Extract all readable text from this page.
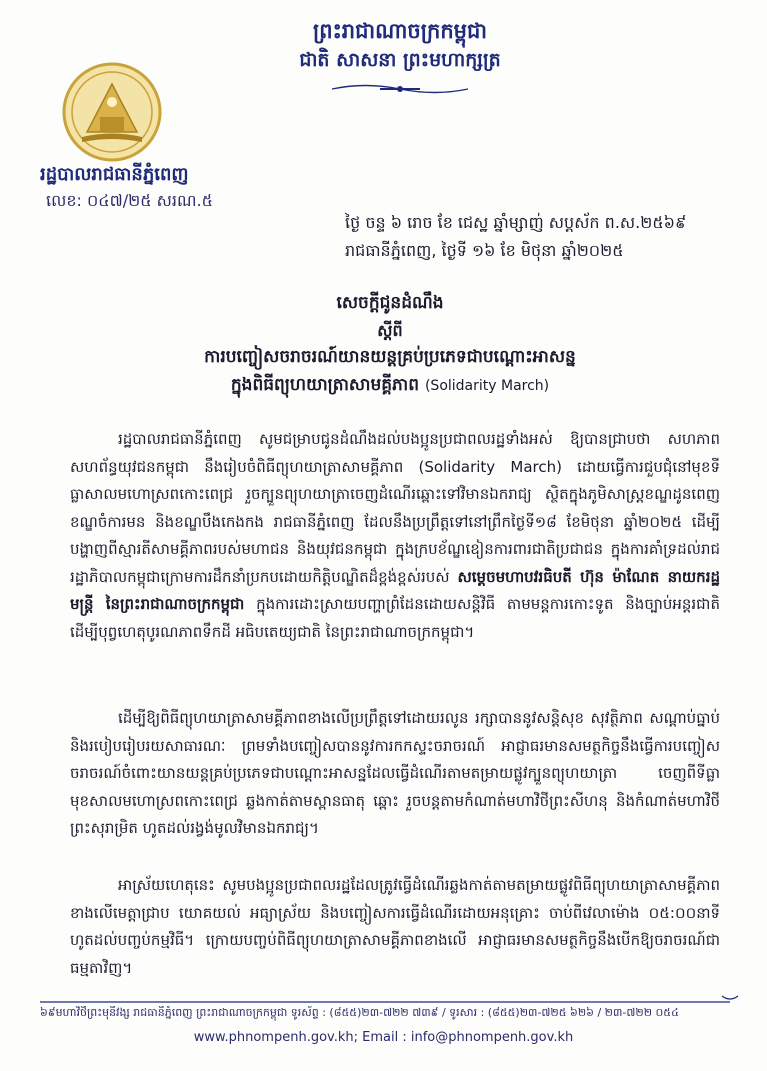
ព្រះរាជាណាចក្រកម្ពុជា
ជាតិ សាសនា ព្រះមហាក្សត្រ
រដ្ឋបាលរាជធានីភ្នំពេញ
លេខ: ០៤៧/២៥ សរណ.៥
ថ្ងៃ ចន្ទ ៦ រោច ខែ ជេស្ឋ ឆ្នាំម្សាញ់ សប្តស័ក ព.ស.២៥៦៩
រាជធានីភ្នំពេញ, ថ្ងៃទី ១៦ ខែ មិថុនា ឆ្នាំ២០២៥
សេចក្ដីជូនដំណឹង
ស្ដីពី
ការបញ្ចៀសចរាចរណ៍យានយន្តគ្រប់ប្រភេទជាបណ្ដោះអាសន្ន
ក្នុងពិធីព្យុហយាត្រាសាមគ្គីភាព (Solidarity March)
រដ្ឋបាលរាជធានីភ្នំពេញ សូមជម្រាបជូនដំណឹងដល់បងប្អូនប្រជាពលរដ្ឋទាំងអស់ ឱ្យបានជ្រាបថា សហភាពសហព័ន្ធយុវជនកម្ពុជា នឹងរៀបចំពិធីព្យុហយាត្រាសាមគ្គីភាព (Solidarity March) ដោយធ្វើការជួបជុំនៅមុខទីធ្លាសាលមហោស្រពកោះពេជ្រ រួចក្បួនព្យុហយាត្រាចេញដំណើរឆ្ពោះទៅវិមានឯករាជ្យ ស្ថិតក្នុងភូមិសាស្រ្តខណ្ឌដូនពេញ ខណ្ឌចំការមន និងខណ្ឌបឹងកេងកង រាជធានីភ្នំពេញ ដែលនឹងប្រព្រឹត្តទៅនៅព្រឹកថ្ងៃទី១៨ ខែមិថុនា ឆ្នាំ២០២៥ ដើម្បីបង្ហាញពីស្មារតីសាមគ្គីភាពរបស់មហាជន និងយុវជនកម្ពុជា ក្នុងក្របខ័ណ្ឌឧៀនការពារជាតិប្រជាជន ក្នុងការគាំទ្រដល់រាជរដ្ឋាភិបាលកម្ពុជាក្រោមការដឹកនាំប្រកបដោយកិត្តិបណ្ឌិតដ៏ខ្ពង់ខ្ពស់របស់ សម្តេចមហាបវរធិបតី ហ៊ុន ម៉ាណែត នាយករដ្ឋមន្ត្រី នៃព្រះរាជាណាចក្រកម្ពុជា ក្នុងការដោះស្រាយបញ្ហាព្រំដែនដោយសន្តិវិធី តាមមន្តការកោះទូត និងច្បាប់អន្តរជាតិ ដើម្បីបុព្វហេតុបូរណភាពទឹកដី អធិបតេយ្យជាតិ នៃព្រះរាជាណាចក្រកម្ពុជា។
ដើម្បីឱ្យពិធីព្យុហយាត្រាសាមគ្គីភាពខាងលើប្រព្រឹត្តទៅដោយរលូន រក្សាបាននូវសន្តិសុខ សុវត្ថិភាព សណ្ដាប់ធ្នាប់ និងរបៀបរៀបរយសាធារណៈ ព្រមទាំងបញ្ចៀសបាននូវការកកស្ទះចរាចរណ៍ អាជ្ញាធរមានសមត្ថកិច្ចនឹងធ្វើការបញ្ចៀសចរាចរណ៍ចំពោះយានយន្តគ្រប់ប្រភេទជាបណ្ដោះអាសន្នដែលធ្វើដំណើរតាមតម្រាយផ្លូវក្បួនព្យុហយាត្រា ចេញពីទីធ្លាមុខសាលមហោស្រពកោះពេជ្រ ឆ្លងកាត់តាមស្ពានធាតុ ឆ្ពោះ រួចបន្តតាមកំណាត់មហាវិថីព្រះសីហនុ និងកំណាត់មហាវិថីព្រះសុរាម្រិត ហូតដល់រង្វង់មូលវិមានឯករាជ្យ។
អាស្រ័យហេតុនេះ សូមបងប្អូនប្រជាពលរដ្ឋដែលត្រូវធ្វើដំណើរឆ្លងកាត់តាមតម្រាយផ្លូវពិធីព្យុហយាត្រាសាមគ្គីភាពខាងលើមេត្តាជ្រាប យោគយល់ អធ្យាស្រ័យ និងបញ្ចៀសការធ្វើដំណើរដោយអនុគ្រោះ ចាប់ពីវេលាម៉ោង ០៥:០០នាទី ហូតដល់បញ្ចប់កម្មវិធី។ ក្រោយបញ្ចប់ពិធីព្យុហយាត្រាសាមគ្គីភាពខាងលើ អាជ្ញាធរមានសមត្ថកិច្ចនឹងបើកឱ្យចរាចរណ៍ជាធម្មតាវិញ។
៦៩មហាវិថីព្រះមុនីវង្ស រាជធានីភ្នំពេញ ព្រះរាជាណាចក្រកម្ពុជា ទូរស័ព្ទ : (៨៥៥)២៣-៧២២ ៧៣៩ / ទូរសារ : (៨៥៥)២៣-៧២៥ ៦២៦ / ២៣-៧២២ ០៥៤
www.phnompenh.gov.kh; Email : info@phnompenh.gov.kh
